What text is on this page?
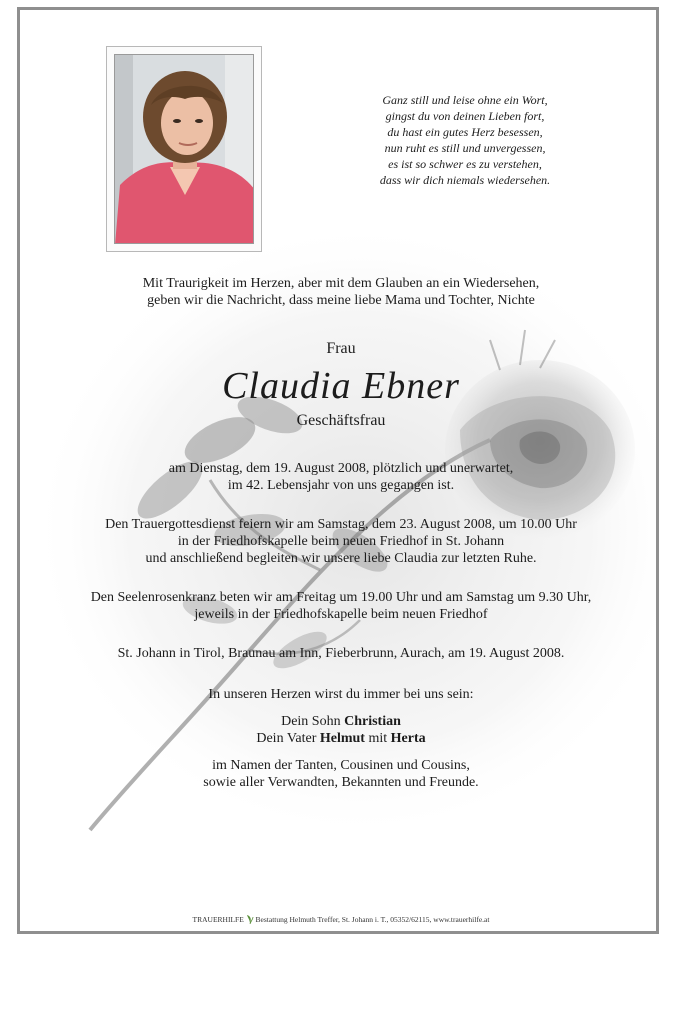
Ganz still und leise ohne ein Wort,
gingst du von deinen Lieben fort,
du hast ein gutes Herz besessen,
nun ruht es still und unvergessen,
es ist so schwer es zu verstehen,
dass wir dich niemals wiedersehen.
Mit Traurigkeit im Herzen, aber mit dem Glauben an ein Wiedersehen,
geben wir die Nachricht, dass meine liebe Mama und Tochter, Nichte
Frau
Claudia Ebner
Geschäftsfrau
am Dienstag, dem 19. August 2008, plötzlich und unerwartet,
im 42. Lebensjahr von uns gegangen ist.
Den Trauergottesdienst feiern wir am Samstag, dem 23. August 2008, um 10.00 Uhr
in der Friedhofskapelle beim neuen Friedhof in St. Johann
und anschließend begleiten wir unsere liebe Claudia zur letzten Ruhe.
Den Seelenrosenkranz beten wir am Freitag um 19.00 Uhr und am Samstag um 9.30 Uhr,
jeweils in der Friedhofskapelle beim neuen Friedhof
St. Johann in Tirol, Braunau am Inn, Fieberbrunn, Aurach, am 19. August 2008.
In unseren Herzen wirst du immer bei uns sein:
Dein Sohn Christian
Dein Vater Helmut mit Herta
im Namen der Tanten, Cousinen und Cousins,
sowie aller Verwandten, Bekannten und Freunde.
TRAUERHILFE Bestattung Helmuth Treffer, St. Johann i. T., 05352/62115, www.trauerhilfe.at
